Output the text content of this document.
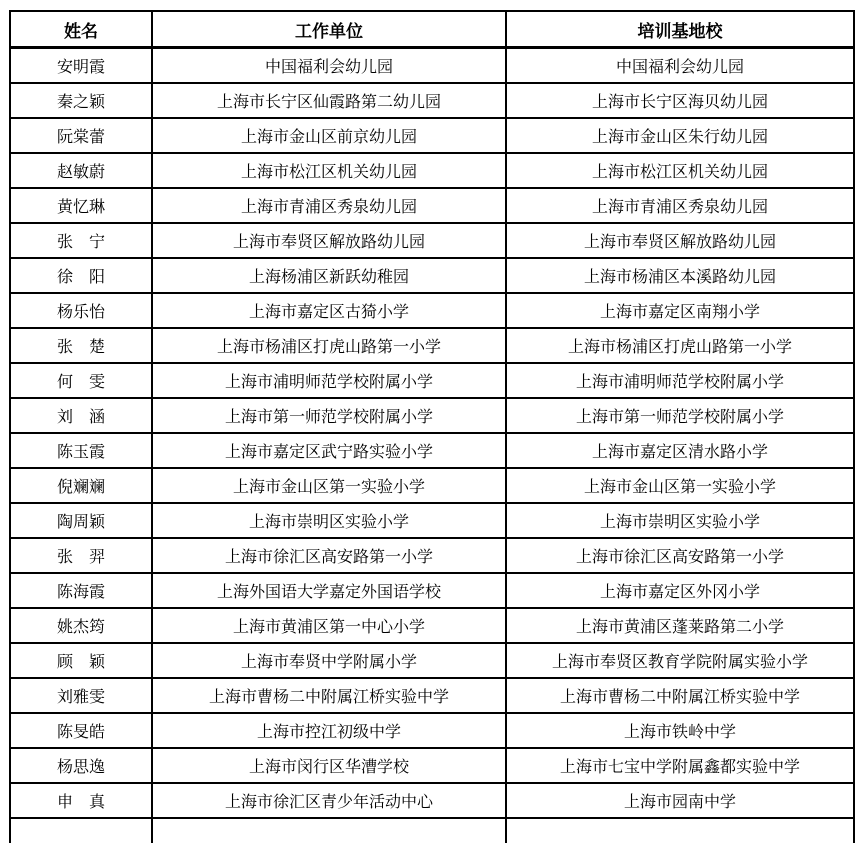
姓名	工作单位	培训基地校
安明霞	中国福利会幼儿园	中国福利会幼儿园
秦之颖	上海市长宁区仙霞路第二幼儿园	上海市长宁区海贝幼儿园
阮棠蕾	上海市金山区前京幼儿园	上海市金山区朱行幼儿园
赵敏蔚	上海市松江区机关幼儿园	上海市松江区机关幼儿园
黄忆琳	上海市青浦区秀泉幼儿园	上海市青浦区秀泉幼儿园
张　宁	上海市奉贤区解放路幼儿园	上海市奉贤区解放路幼儿园
徐　阳	上海杨浦区新跃幼稚园	上海市杨浦区本溪路幼儿园
杨乐怡	上海市嘉定区古猗小学	上海市嘉定区南翔小学
张　楚	上海市杨浦区打虎山路第一小学	上海市杨浦区打虎山路第一小学
何　雯	上海市浦明师范学校附属小学	上海市浦明师范学校附属小学
刘　涵	上海市第一师范学校附属小学	上海市第一师范学校附属小学
陈玉霞	上海市嘉定区武宁路实验小学	上海市嘉定区清水路小学
倪斓斓	上海市金山区第一实验小学	上海市金山区第一实验小学
陶周颖	上海市崇明区实验小学	上海市崇明区实验小学
张　羿	上海市徐汇区高安路第一小学	上海市徐汇区高安路第一小学
陈海霞	上海外国语大学嘉定外国语学校	上海市嘉定区外冈小学
姚杰筠	上海市黄浦区第一中心小学	上海市黄浦区蓬莱路第二小学
顾　颖	上海市奉贤中学附属小学	上海市奉贤区教育学院附属实验小学
刘雅雯	上海市曹杨二中附属江桥实验中学	上海市曹杨二中附属江桥实验中学
陈旻皓	上海市控江初级中学	上海市铁岭中学
杨思逸	上海市闵行区华漕学校	上海市七宝中学附属鑫都实验中学
申　真	上海市徐汇区青少年活动中心	上海市园南中学
